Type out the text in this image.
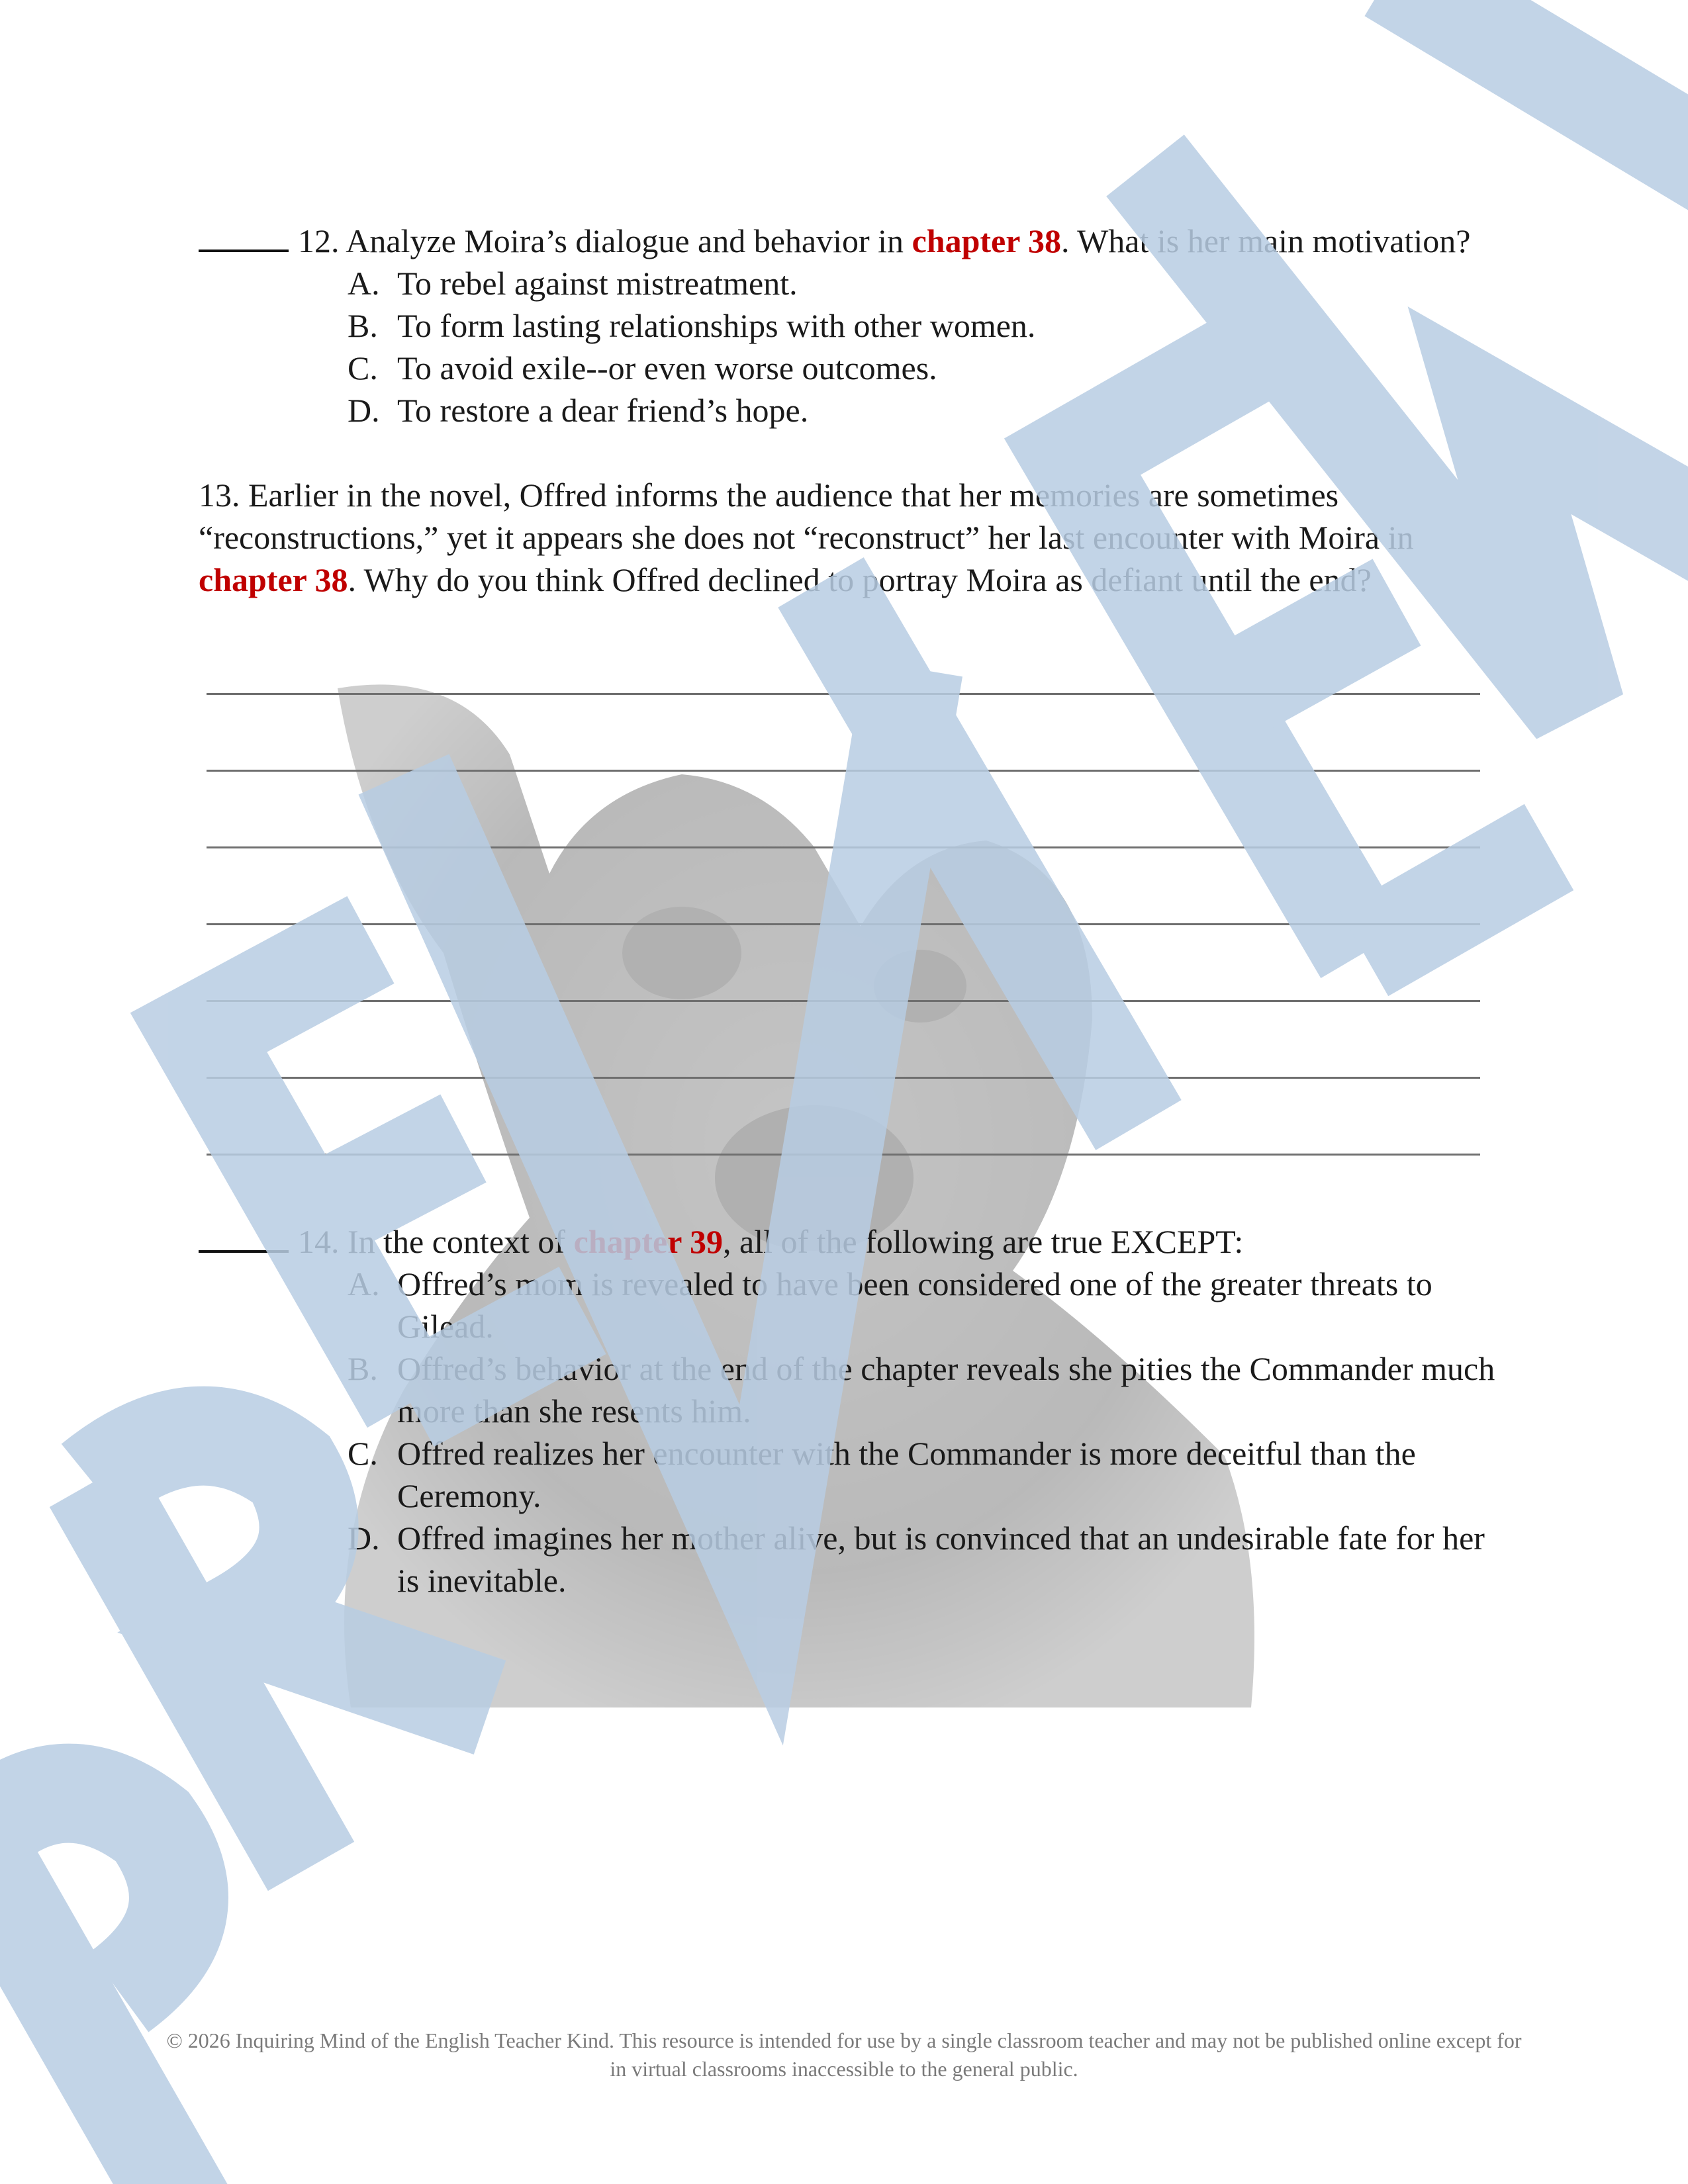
12. Analyze Moira’s dialogue and behavior in chapter 38. What is her main motivation?

A. To rebel against mistreatment.
B. To form lasting relationships with other women.
C. To avoid exile--or even worse outcomes.
D. To restore a dear friend’s hope.

13. Earlier in the novel, Offred informs the audience that her memories are sometimes “reconstructions,” yet it appears she does not “reconstruct” her last encounter with Moira in chapter 38. Why do you think Offred declined to portray Moira as defiant until the end?

14. In the context of chapter 39, all of the following are true EXCEPT:

A. Offred’s mom is revealed to have been considered one of the greater threats to Gilead.
B. Offred’s behavior at the end of the chapter reveals she pities the Commander much more than she resents him.
C. Offred realizes her encounter with the Commander is more deceitful than the Ceremony.
D. Offred imagines her mother alive, but is convinced that an undesirable fate for her is inevitable.
© 2026 Inquiring Mind of the English Teacher Kind. This resource is intended for use by a single classroom teacher and may not be published online except for in virtual classrooms inaccessible to the general public.
